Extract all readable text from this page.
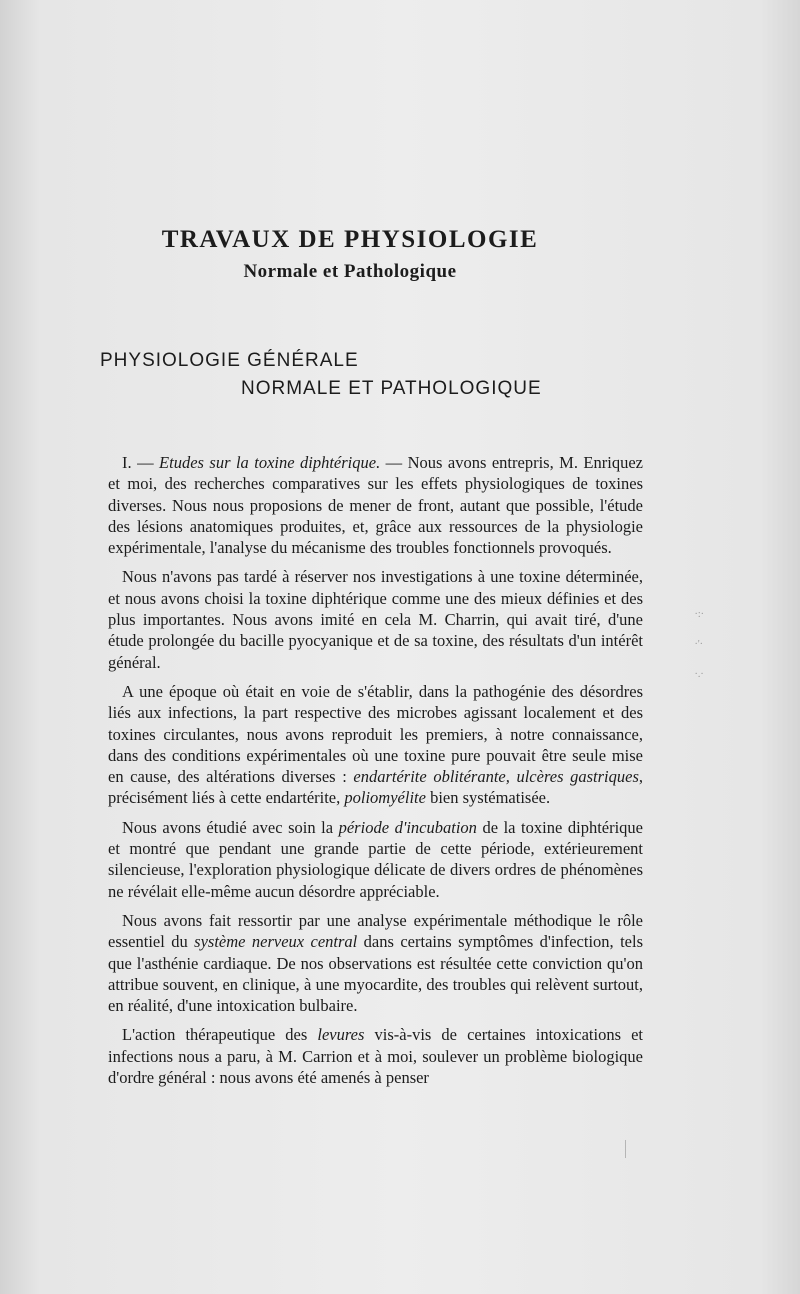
TRAVAUX DE PHYSIOLOGIE
Normale et Pathologique
PHYSIOLOGIE GÉNÉRALE
NORMALE ET PATHOLOGIQUE

I. — Etudes sur la toxine diphtérique. — Nous avons entrepris, M. Enriquez et moi, des recherches comparatives sur les effets physiologiques de toxines diverses. Nous nous proposions de mener de front, autant que possible, l'étude des lésions anatomiques produites, et, grâce aux ressources de la physiologie expérimentale, l'analyse du mécanisme des troubles fonctionnels provoqués.

Nous n'avons pas tardé à réserver nos investigations à une toxine déterminée, et nous avons choisi la toxine diphtérique comme une des mieux définies et des plus importantes. Nous avons imité en cela M. Charrin, qui avait tiré, d'une étude prolongée du bacille pyocyanique et de sa toxine, des résultats d'un intérêt général.

A une époque où était en voie de s'établir, dans la pathogénie des désordres liés aux infections, la part respective des microbes agissant localement et des toxines circulantes, nous avons reproduit les premiers, à notre connaissance, dans des conditions expérimentales où une toxine pure pouvait être seule mise en cause, des altérations diverses : endartérite oblitérante, ulcères gastriques, précisément liés à cette endartérite, poliomyélite bien systématisée.

Nous avons étudié avec soin la période d'incubation de la toxine diphtérique et montré que pendant une grande partie de cette période, extérieurement silencieuse, l'exploration physiologique délicate de divers ordres de phénomènes ne révélait elle-même aucun désordre appréciable.

Nous avons fait ressortir par une analyse expérimentale méthodique le rôle essentiel du système nerveux central dans certains symptômes d'infection, tels que l'asthénie cardiaque. De nos observations est résultée cette conviction qu'on attribue souvent, en clinique, à une myocardite, des troubles qui relèvent surtout, en réalité, d'une intoxication bulbaire.

L'action thérapeutique des levures vis-à-vis de certaines intoxications et infections nous a paru, à M. Carrion et à moi, soulever un problème biologique d'ordre général : nous avons été amenés à penser

·:·
·'·
·.·
